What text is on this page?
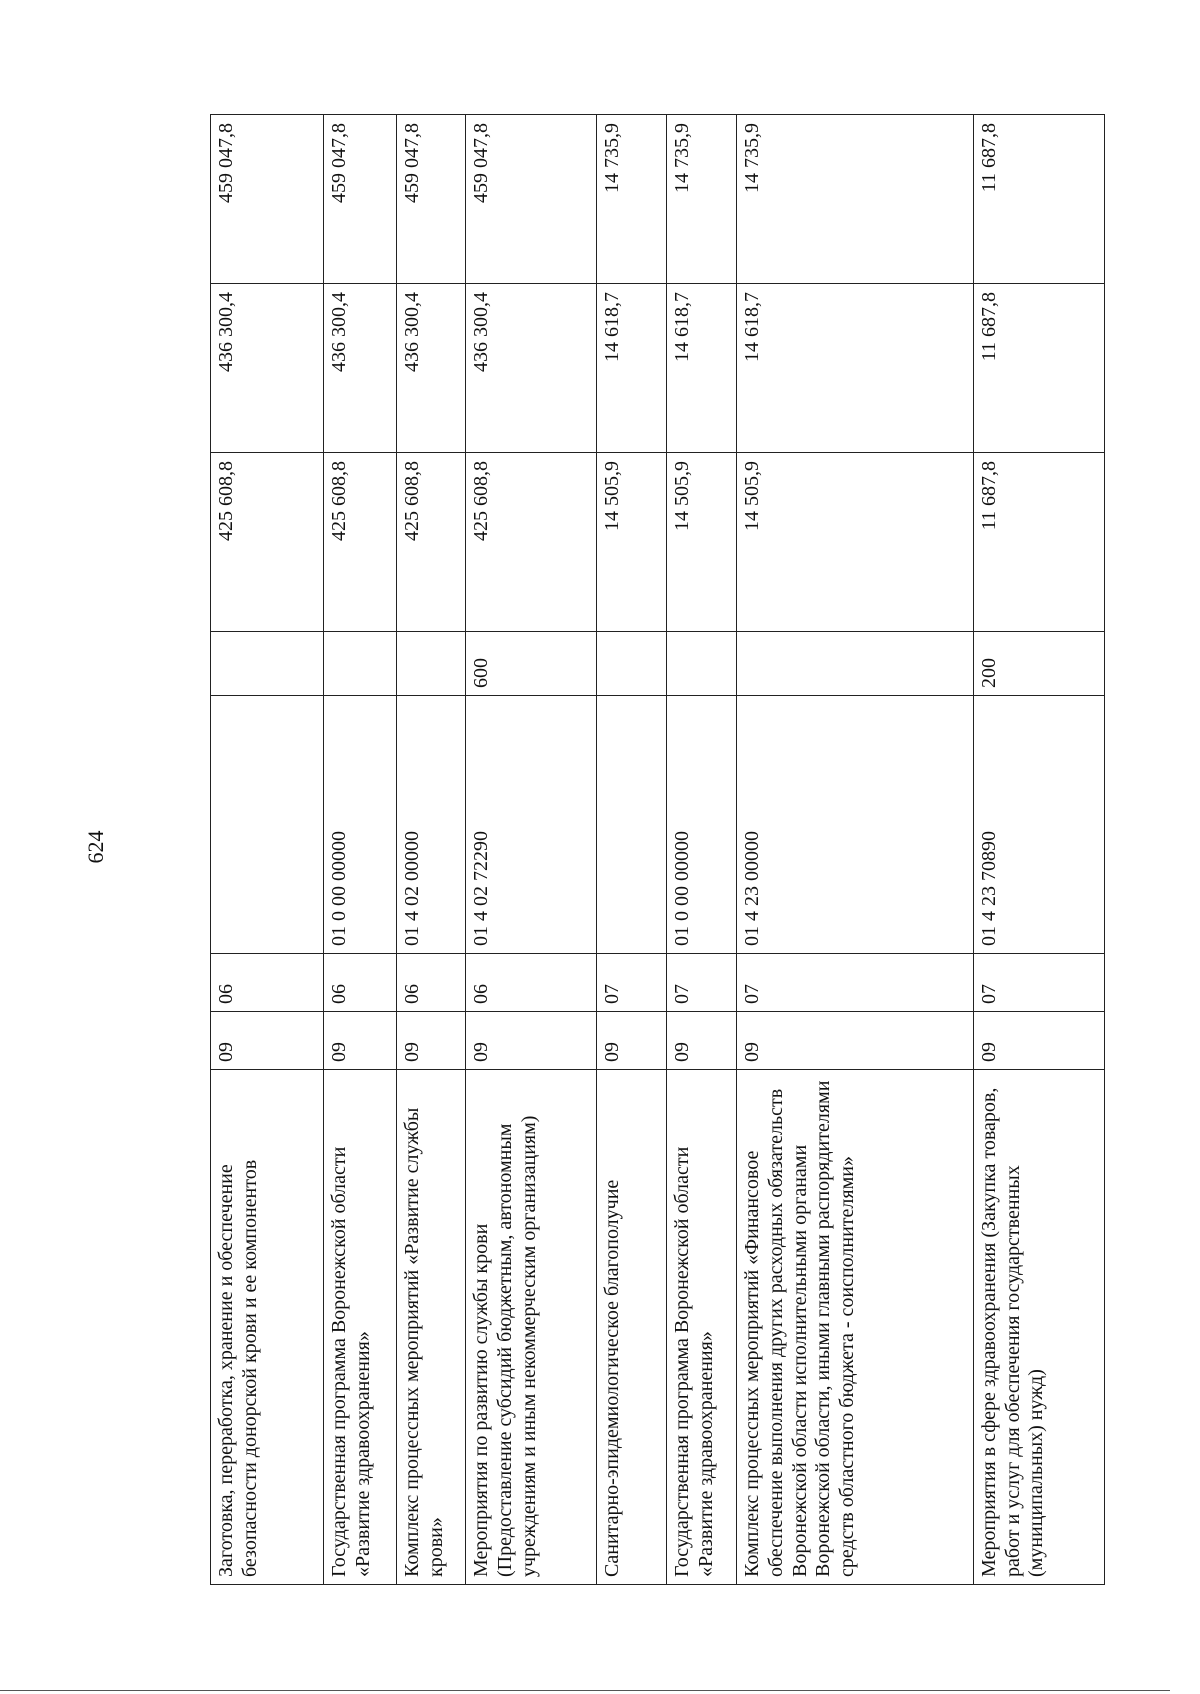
624
Заготовка, переработка, хранение и обеспечение безопасности донорской крови и ее компонентов	09	06			425 608,8	436 300,4	459 047,8
Государственная программа Воронежской области «Развитие здравоохранения»	09	06	01 0 00 00000		425 608,8	436 300,4	459 047,8
Комплекс процессных мероприятий «Развитие службы крови»	09	06	01 4 02 00000		425 608,8	436 300,4	459 047,8
Мероприятия по развитию службы крови (Предоставление субсидий бюджетным, автономным учреждениям и иным некоммерческим организациям)	09	06	01 4 02 72290	600	425 608,8	436 300,4	459 047,8
Санитарно-эпидемиологическое благополучие	09	07			14 505,9	14 618,7	14 735,9
Государственная программа Воронежской области «Развитие здравоохранения»	09	07	01 0 00 00000		14 505,9	14 618,7	14 735,9
Комплекс процессных мероприятий «Финансовое обеспечение выполнения других расходных обязательств Воронежской области исполнительными органами Воронежской области, иными главными распорядителями средств областного бюджета - соисполнителями»	09	07	01 4 23 00000		14 505,9	14 618,7	14 735,9
Мероприятия в сфере здравоохранения (Закупка товаров, работ и услуг для обеспечения государственных (муниципальных) нужд)	09	07	01 4 23 70890	200	11 687,8	11 687,8	11 687,8
